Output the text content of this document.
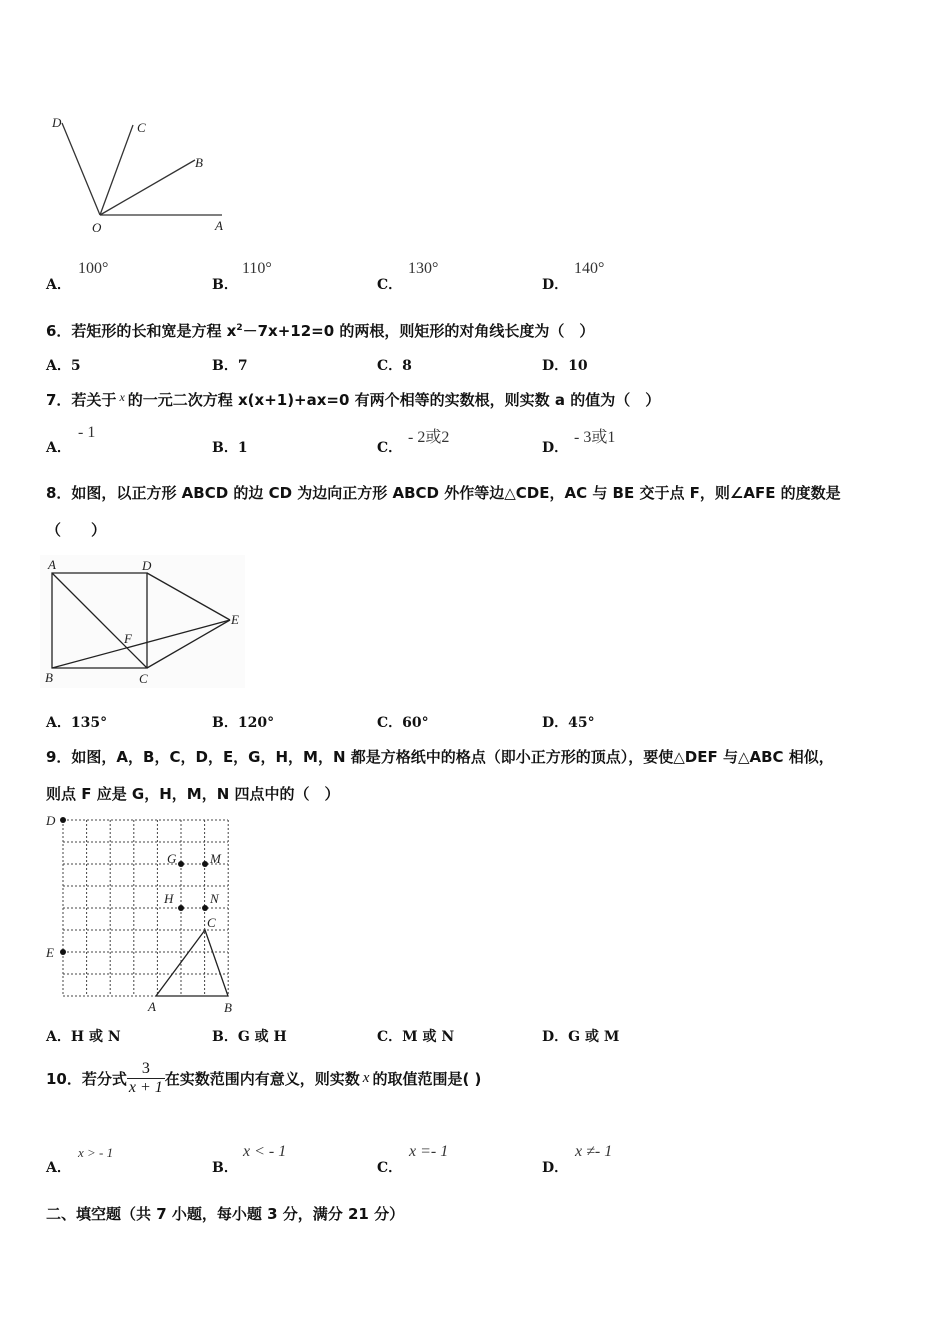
D	C
B
O	A
A．
100°
B．
110°
C．
130°
D．
140°
6．若矩形的长和宽是方程 $x^2-7x+12=0$ 的两根，则矩形的对角线长度为（　）
A．5	B．7	C．8	D．10
7．若关于 $^x$ 的一元二次方程 x(x+1)+ax=0 有两个相等的实数根，则实数 a 的值为（　）
A．
- 1
B．1	C．
- 2或2
D．
- 3或1
8．如图，以正方形 ABCD 的边 CD 为边向正方形 ABCD 外作等边△CDE，AC 与 BE 交于点 F，则∠AFE 的度数是
（　　）
A	D
E
F
B	C
A．135°	B．120°	C．60°	D．45°
9．如图，A，B，C，D，E，G，H，M，N 都是方格纸中的格点（即小正方形的顶点），要使△DEF 与△ABC 相似，
则点 F 应是 G，H，M，N 四点中的（　）
D
E
G	M
H	N
C
A	B
A．H 或 N	B．G 或 H	C．M 或 N	D．G 或 M
10．若分式 $\frac{3}{x + 1}$ 在实数范围内有意义，则实数 x 的取值范围是( )
A．
x > - 1
B．
x < - 1
C．
x =- 1
D．
x ≠- 1
二、填空题（共 7 小题，每小题 3 分，满分 21 分）
